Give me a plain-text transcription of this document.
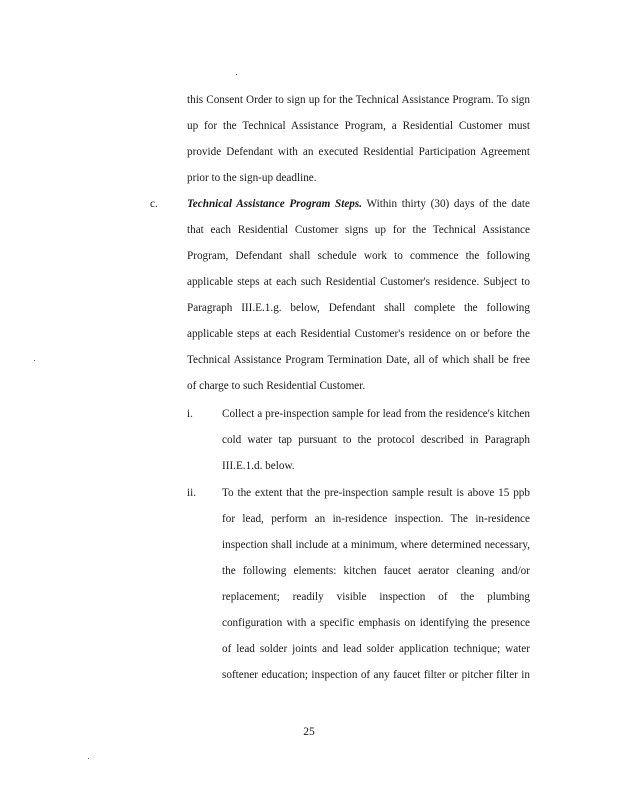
this Consent Order to sign up for the Technical Assistance Program. To sign up for the Technical Assistance Program, a Residential Customer must provide Defendant with an executed Residential Participation Agreement prior to the sign-up deadline.

c.	Technical Assistance Program Steps. Within thirty (30) days of the date that each Residential Customer signs up for the Technical Assistance Program, Defendant shall schedule work to commence the following applicable steps at each such Residential Customer's residence. Subject to Paragraph III.E.1.g. below, Defendant shall complete the following applicable steps at each Residential Customer's residence on or before the Technical Assistance Program Termination Date, all of which shall be free of charge to such Residential Customer.

i.	Collect a pre-inspection sample for lead from the residence's kitchen cold water tap pursuant to the protocol described in Paragraph III.E.1.d. below.

ii. To the extent that the pre-inspection sample result is above 15 ppb for lead, perform an in-residence inspection. The in-residence inspection shall include at a minimum, where determined necessary, the following elements: kitchen faucet aerator cleaning and/or replacement; readily visible inspection of the plumbing configuration with a specific emphasis on identifying the presence of lead solder joints and lead solder application technique; water softener education; inspection of any faucet filter or pitcher filter in

25
